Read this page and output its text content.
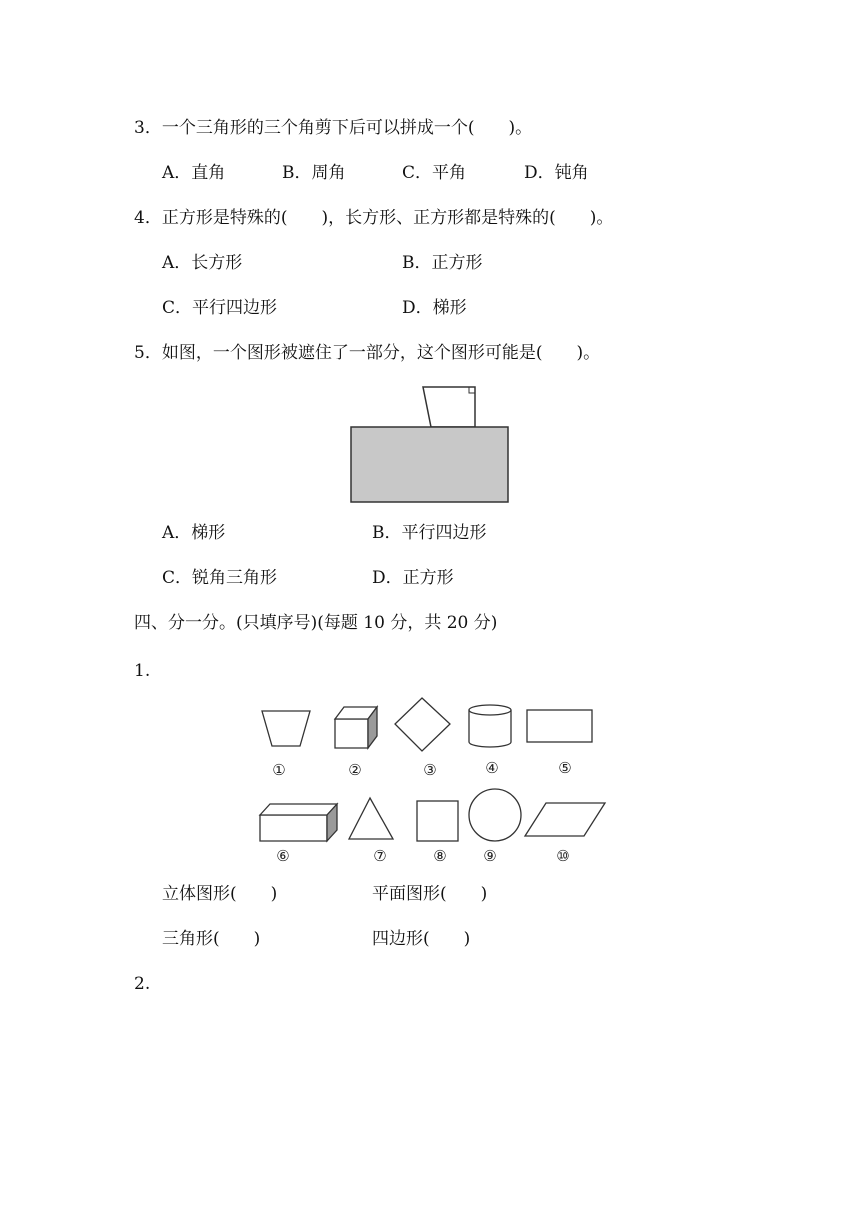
3．一个三角形的三个角剪下后可以拼成一个(　　)。
A．直角	B．周角	C．平角	D．钝角
4．正方形是特殊的(　　)，长方形、正方形都是特殊的(　　)。
A．长方形	B．正方形
C．平行四边形	D．梯形
5．如图，一个图形被遮住了一部分，这个图形可能是(　　)。
A．梯形	B．平行四边形
C．锐角三角形	D．正方形
四、分一分。(只填序号)(每题 10 分，共 20 分)
1.
①	②	③	④	⑤
⑥	⑦	⑧ ⑨	⑩
立体图形(　　)	平面图形(　　)
三角形(　　)	四边形(　　)
2.
